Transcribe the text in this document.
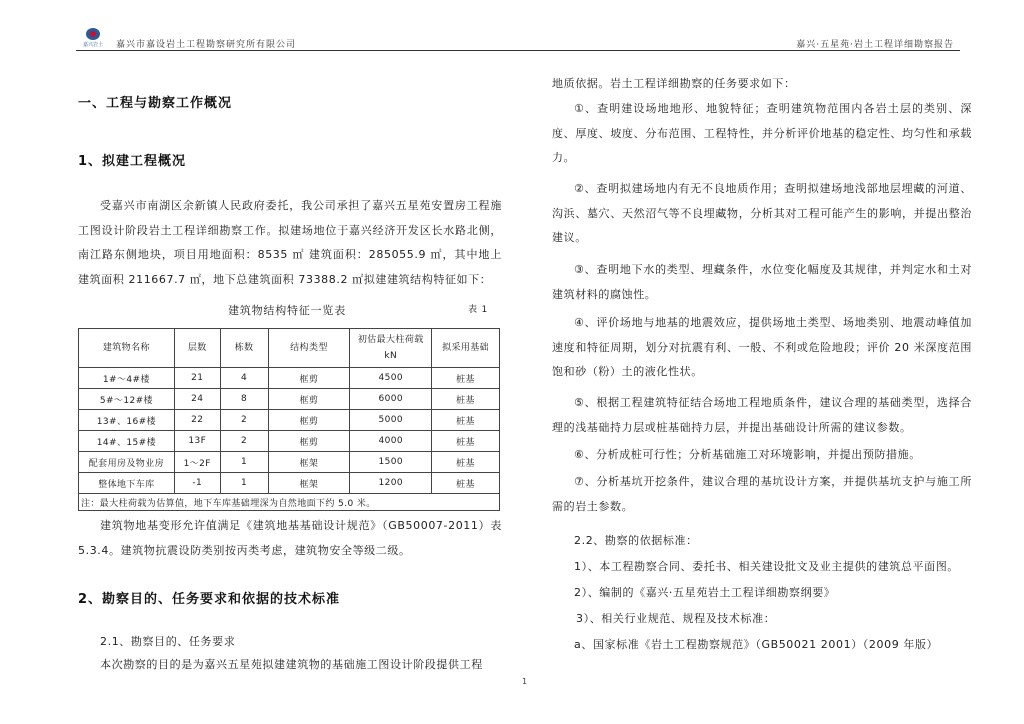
嘉兴岩土	嘉兴市嘉设岩土工程勘察研究所有限公司	嘉兴·五星苑·岩土工程详细勘察报告
一、工程与勘察工作概况
1、拟建工程概况
受嘉兴市南湖区余新镇人民政府委托，我公司承担了嘉兴五星苑安置房工程施工图设计阶段岩土工程详细勘察工作。拟建场地位于嘉兴经济开发区长水路北侧，南江路东侧地块，项目用地面积：8535 ㎡ 建筑面积：285055.9 ㎡，其中地上建筑面积 211667.7 ㎡，地下总建筑面积 73388.2 ㎡拟建建筑结构特征如下：
建筑物结构特征一览表	表 1
建筑物名称	层数	栋数	结构类型	初估最大柱荷载 kN	拟采用基础
1#～4#楼	21	4	框剪	4500	桩基
5#～12#楼	24	8	框剪	6000	桩基
13#、16#楼	22	2	框剪	5000	桩基
14#、15#楼	13F	2	框剪	4000	桩基
配套用房及物业房	1～2F	1	框架	1500	桩基
整体地下车库	-1	1	框架	1200	桩基
注：最大柱荷载为估算值，地下车库基础埋深为自然地面下约 5.0 米。					
建筑物地基变形允许值满足《建筑地基基础设计规范》（GB50007-2011）表 5.3.4。建筑物抗震设防类别按丙类考虑，建筑物安全等级二级。
2、勘察目的、任务要求和依据的技术标准
2.1、勘察目的、任务要求
本次勘察的目的是为嘉兴五星苑拟建建筑物的基础施工图设计阶段提供工程
地质依据。岩土工程详细勘察的任务要求如下：
①、查明建设场地地形、地貌特征；查明建筑物范围内各岩土层的类别、深度、厚度、坡度、分布范围、工程特性，并分析评价地基的稳定性、均匀性和承载力。
②、查明拟建场地内有无不良地质作用；查明拟建场地浅部地层埋藏的河道、沟浜、墓穴、天然沼气等不良埋藏物，分析其对工程可能产生的影响，并提出整治建议。
③、查明地下水的类型、埋藏条件，水位变化幅度及其规律，并判定水和土对建筑材料的腐蚀性。
④、评价场地与地基的地震效应，提供场地土类型、场地类别、地震动峰值加速度和特征周期，划分对抗震有利、一般、不利或危险地段；评价 20 米深度范围饱和砂（粉）土的液化性状。
⑤、根据工程建筑特征结合场地工程地质条件，建议合理的基础类型，选择合理的浅基础持力层或桩基础持力层，并提出基础设计所需的建议参数。
⑥、分析成桩可行性；分析基础施工对环境影响，并提出预防措施。
⑦、分析基坑开挖条件，建议合理的基坑设计方案，并提供基坑支护与施工所需的岩土参数。
2.2、勘察的依据标准：
1）、本工程勘察合同、委托书、相关建设批文及业主提供的建筑总平面图。
2）、编制的《嘉兴·五星苑岩土工程详细勘察纲要》
3）、相关行业规范、规程及技术标准：
a、国家标准《岩土工程勘察规范》（GB50021 2001）（2009 年版）
1
